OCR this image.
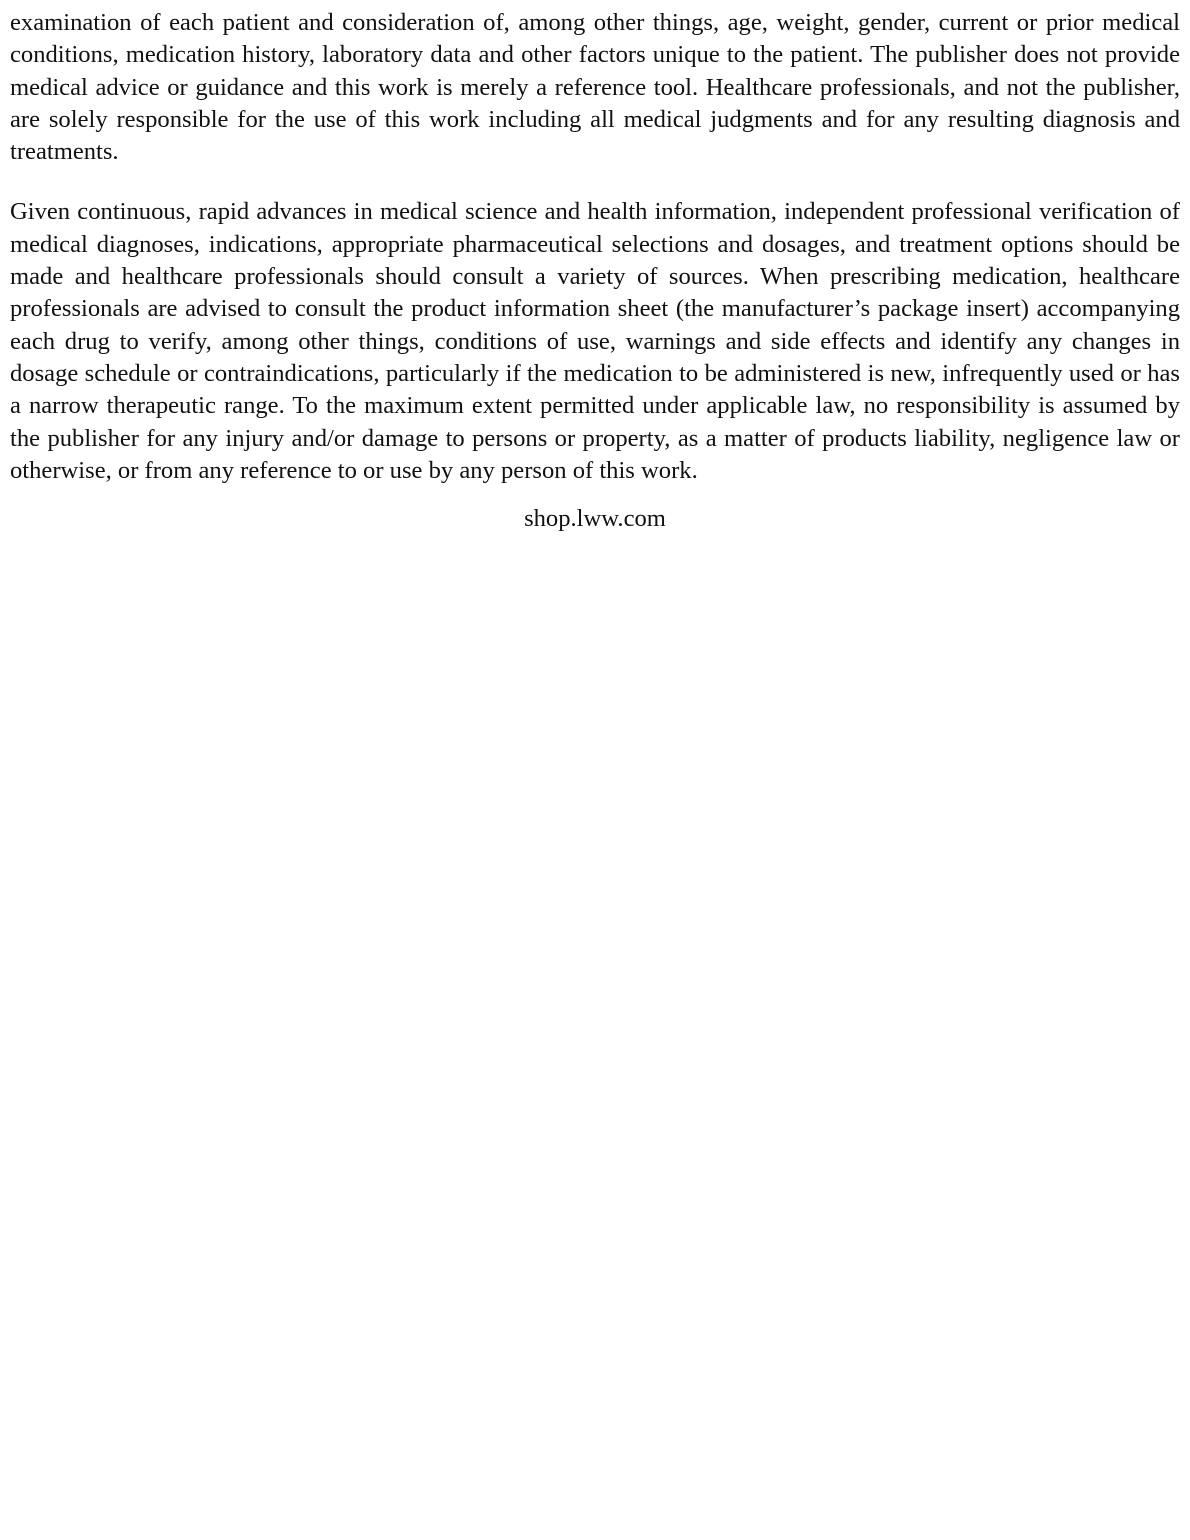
examination of each patient and consideration of, among other things, age, weight, gender, current or prior medical conditions, medication history, laboratory data and other factors unique to the patient. The publisher does not provide medical advice or guidance and this work is merely a reference tool. Healthcare professionals, and not the publisher, are solely responsible for the use of this work including all medical judgments and for any resulting diagnosis and treatments.

Given continuous, rapid advances in medical science and health information, independent professional verification of medical diagnoses, indications, appropriate pharmaceutical selections and dosages, and treatment options should be made and healthcare professionals should consult a variety of sources. When prescribing medication, healthcare professionals are advised to consult the product information sheet (the manufacturer’s package insert) accompanying each drug to verify, among other things, conditions of use, warnings and side effects and identify any changes in dosage schedule or contraindications, particularly if the medication to be administered is new, infrequently used or has a narrow therapeutic range. To the maximum extent permitted under applicable law, no responsibility is assumed by the publisher for any injury and/or damage to persons or property, as a matter of products liability, negligence law or otherwise, or from any reference to or use by any person of this work.

shop.lww.com
